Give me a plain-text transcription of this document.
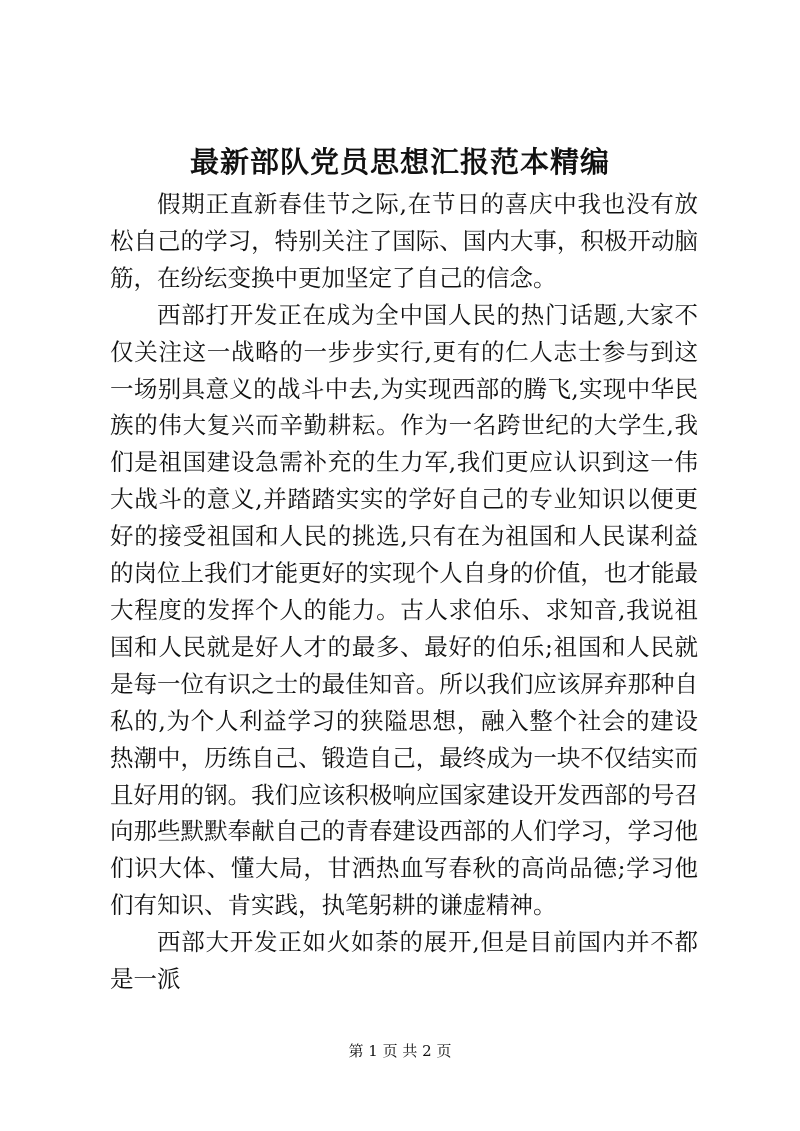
最新部队党员思想汇报范本精编

假期正直新春佳节之际,在节日的喜庆中我也没有放松自己的学习，特别关注了国际、国内大事，积极开动脑筋，在纷纭变换中更加坚定了自己的信念。

西部打开发正在成为全中国人民的热门话题,大家不仅关注这一战略的一步步实行,更有的仁人志士参与到这一场别具意义的战斗中去,为实现西部的腾飞,实现中华民族的伟大复兴而辛勤耕耘。作为一名跨世纪的大学生,我们是祖国建设急需补充的生力军,我们更应认识到这一伟大战斗的意义,并踏踏实实的学好自己的专业知识以便更好的接受祖国和人民的挑选,只有在为祖国和人民谋利益的岗位上我们才能更好的实现个人自身的价值，也才能最大程度的发挥个人的能力。古人求伯乐、求知音,我说祖国和人民就是好人才的最多、最好的伯乐;祖国和人民就是每一位有识之士的最佳知音。所以我们应该屏弃那种自私的,为个人利益学习的狭隘思想，融入整个社会的建设热潮中，历练自己、锻造自己，最终成为一块不仅结实而且好用的钢。我们应该积极响应国家建设开发西部的号召向那些默默奉献自己的青春建设西部的人们学习，学习他们识大体、懂大局，甘洒热血写春秋的高尚品德;学习他们有知识、肯实践，执笔躬耕的谦虚精神。

西部大开发正如火如荼的展开,但是目前国内并不都是一派

第 1 页 共 2 页
